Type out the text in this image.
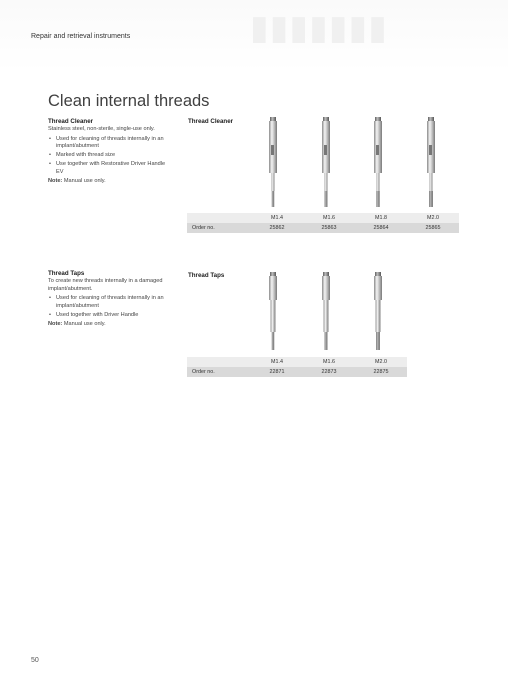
▮▮▮▮▮▮▮
Repair and retrieval instruments
Clean internal threads
Thread Cleaner

Stainless steel, non-sterile, single-use only.

• Used for cleaning of threads internally in an implant/abutment
• Marked with thread size
• Use together with Restorative Driver Handle EV

Note: Manual use only.

Thread Cleaner
	M1.4	M1.6	M1.8	M2.0
Order no.	25862	25863	25864	25865
Thread Taps

To create new threads internally in a damaged implant/abutment.

• Used for cleaning of threads internally in an implant/abutment
• Used together with Driver Handle

Note: Manual use only.

Thread Taps
	M1.4	M1.6	M2.0
Order no.	22871	22873	22875
50
